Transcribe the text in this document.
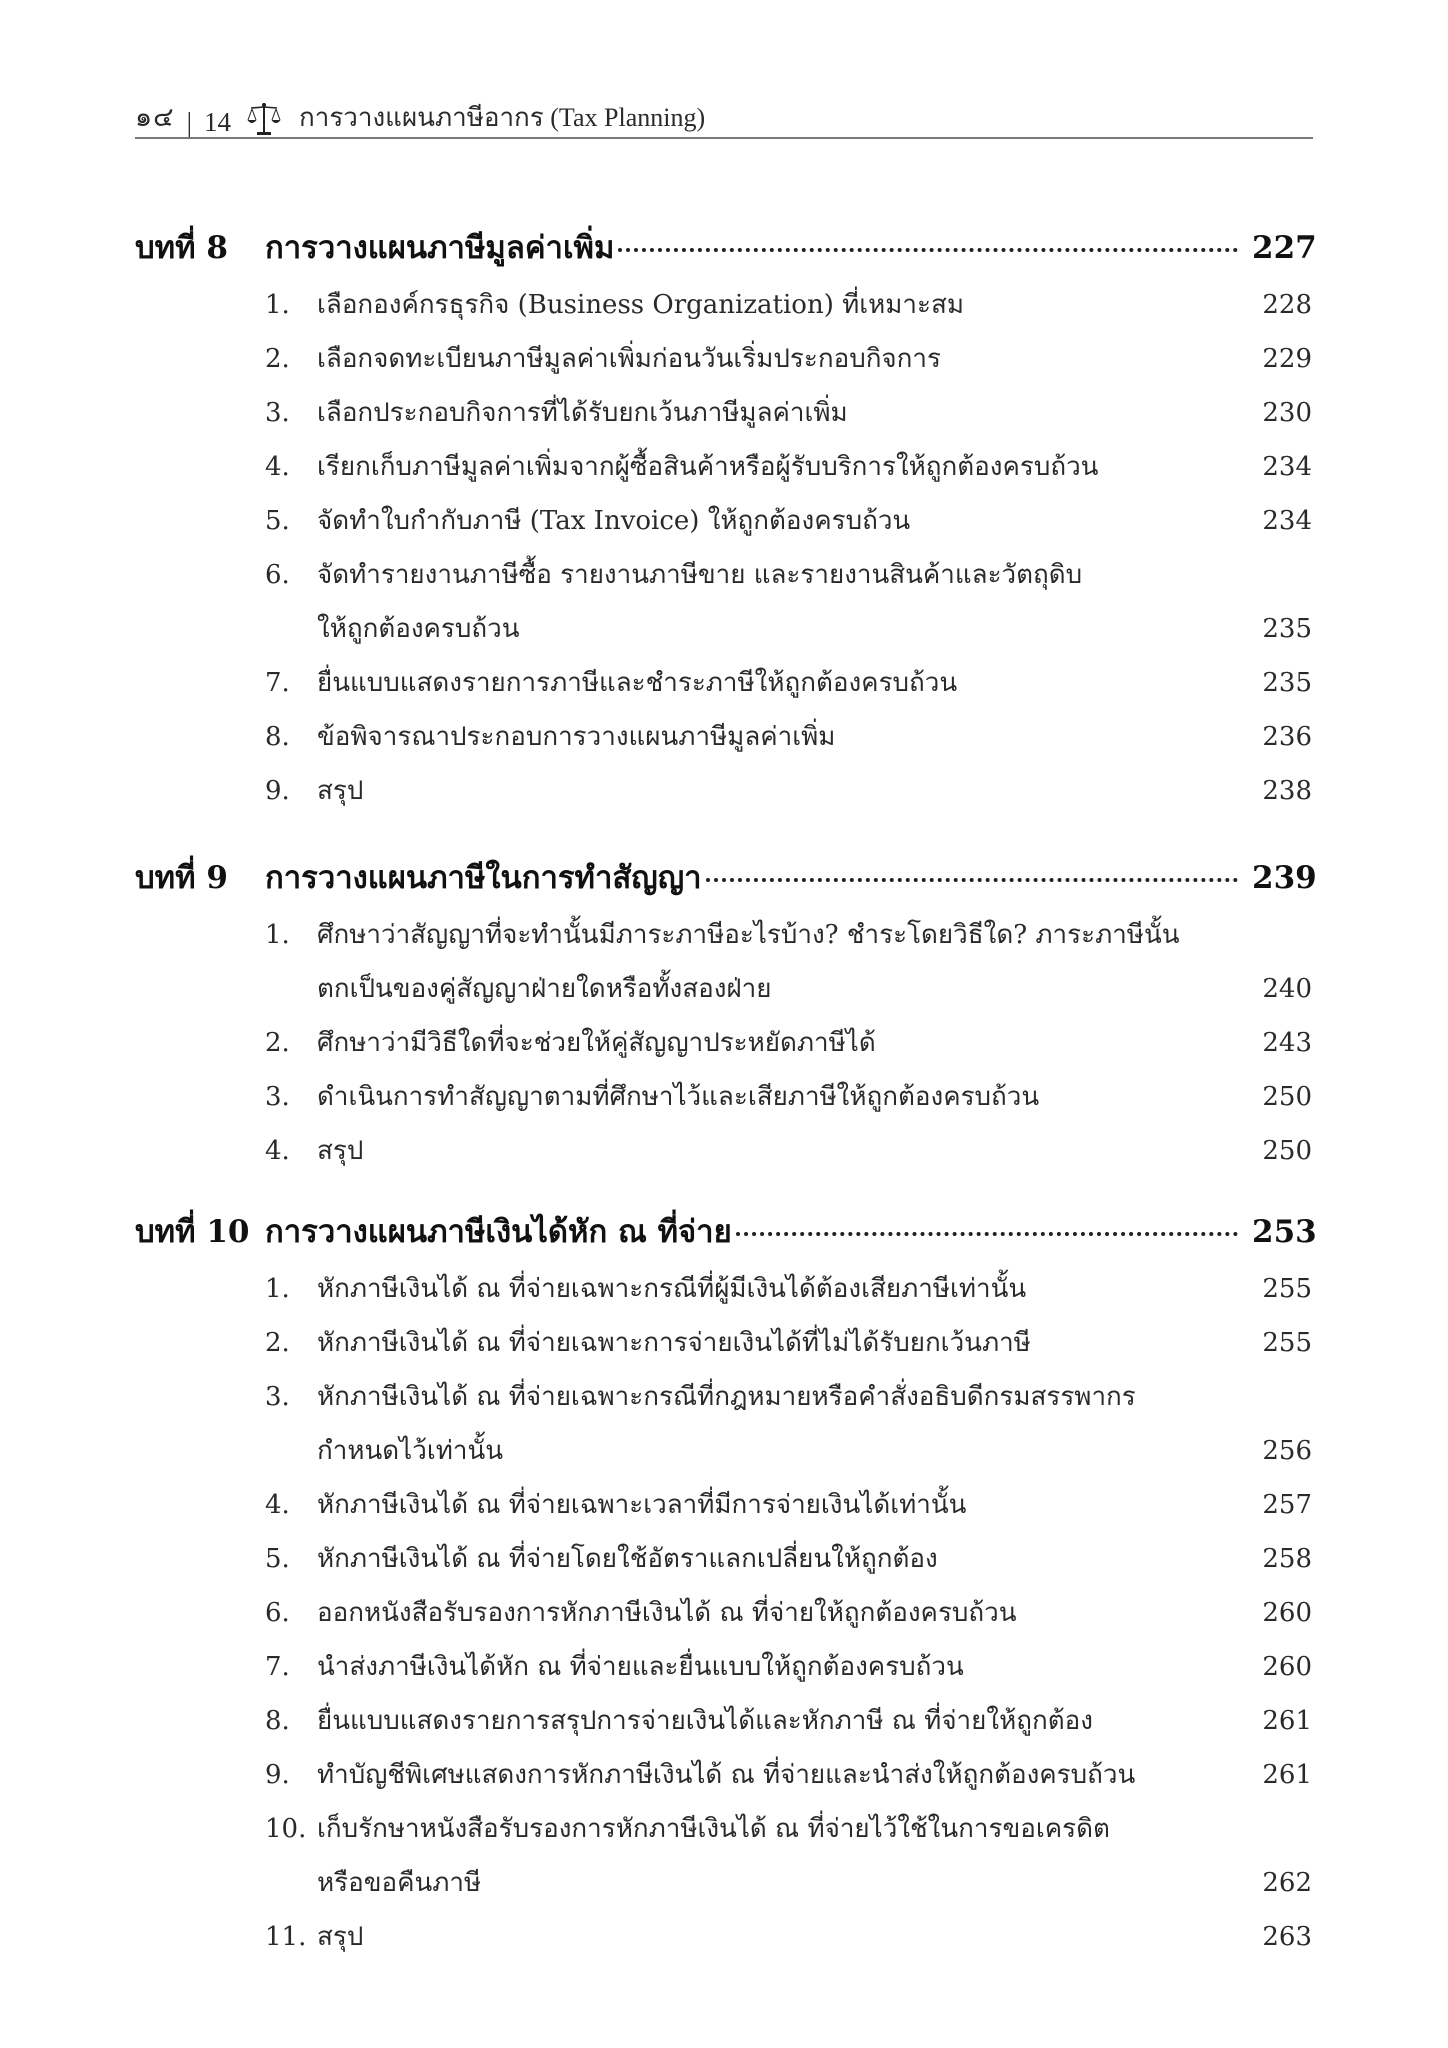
๑๔ | 14	การวางแผนภาษีอากร (Tax Planning)
บทที่ 8	การวางแผนภาษีมูลค่าเพิ่ม	227
1.	เลือกองค์กรธุรกิจ (Business Organization) ที่เหมาะสม	228
2.	เลือกจดทะเบียนภาษีมูลค่าเพิ่มก่อนวันเริ่มประกอบกิจการ	229
3.	เลือกประกอบกิจการที่ได้รับยกเว้นภาษีมูลค่าเพิ่ม	230
4.	เรียกเก็บภาษีมูลค่าเพิ่มจากผู้ซื้อสินค้าหรือผู้รับบริการให้ถูกต้องครบถ้วน	234
5.	จัดทำใบกำกับภาษี (Tax Invoice) ให้ถูกต้องครบถ้วน	234
6.	จัดทำรายงานภาษีซื้อ รายงานภาษีขาย และรายงานสินค้าและวัตถุดิบ
ให้ถูกต้องครบถ้วน	235
7.	ยื่นแบบแสดงรายการภาษีและชำระภาษีให้ถูกต้องครบถ้วน	235
8.	ข้อพิจารณาประกอบการวางแผนภาษีมูลค่าเพิ่ม	236
9.	สรุป	238
บทที่ 9	การวางแผนภาษีในการทำสัญญา	239
1.	ศึกษาว่าสัญญาที่จะทำนั้นมีภาระภาษีอะไรบ้าง? ชำระโดยวิธีใด? ภาระภาษีนั้น
ตกเป็นของคู่สัญญาฝ่ายใดหรือทั้งสองฝ่าย	240
2.	ศึกษาว่ามีวิธีใดที่จะช่วยให้คู่สัญญาประหยัดภาษีได้	243
3.	ดำเนินการทำสัญญาตามที่ศึกษาไว้และเสียภาษีให้ถูกต้องครบถ้วน	250
4.	สรุป	250
บทที่ 10 การวางแผนภาษีเงินได้หัก ณ ที่จ่าย	253
1.	หักภาษีเงินได้ ณ ที่จ่ายเฉพาะกรณีที่ผู้มีเงินได้ต้องเสียภาษีเท่านั้น	255
2.	หักภาษีเงินได้ ณ ที่จ่ายเฉพาะการจ่ายเงินได้ที่ไม่ได้รับยกเว้นภาษี	255
3.	หักภาษีเงินได้ ณ ที่จ่ายเฉพาะกรณีที่กฎหมายหรือคำสั่งอธิบดีกรมสรรพากร
กำหนดไว้เท่านั้น	256
4.	หักภาษีเงินได้ ณ ที่จ่ายเฉพาะเวลาที่มีการจ่ายเงินได้เท่านั้น	257
5.	หักภาษีเงินได้ ณ ที่จ่ายโดยใช้อัตราแลกเปลี่ยนให้ถูกต้อง	258
6.	ออกหนังสือรับรองการหักภาษีเงินได้ ณ ที่จ่ายให้ถูกต้องครบถ้วน	260
7.	นำส่งภาษีเงินได้หัก ณ ที่จ่ายและยื่นแบบให้ถูกต้องครบถ้วน	260
8.	ยื่นแบบแสดงรายการสรุปการจ่ายเงินได้และหักภาษี ณ ที่จ่ายให้ถูกต้อง	261
9.	ทำบัญชีพิเศษแสดงการหักภาษีเงินได้ ณ ที่จ่ายและนำส่งให้ถูกต้องครบถ้วน	261
10. เก็บรักษาหนังสือรับรองการหักภาษีเงินได้ ณ ที่จ่ายไว้ใช้ในการขอเครดิต
หรือขอคืนภาษี	262
11. สรุป	263
